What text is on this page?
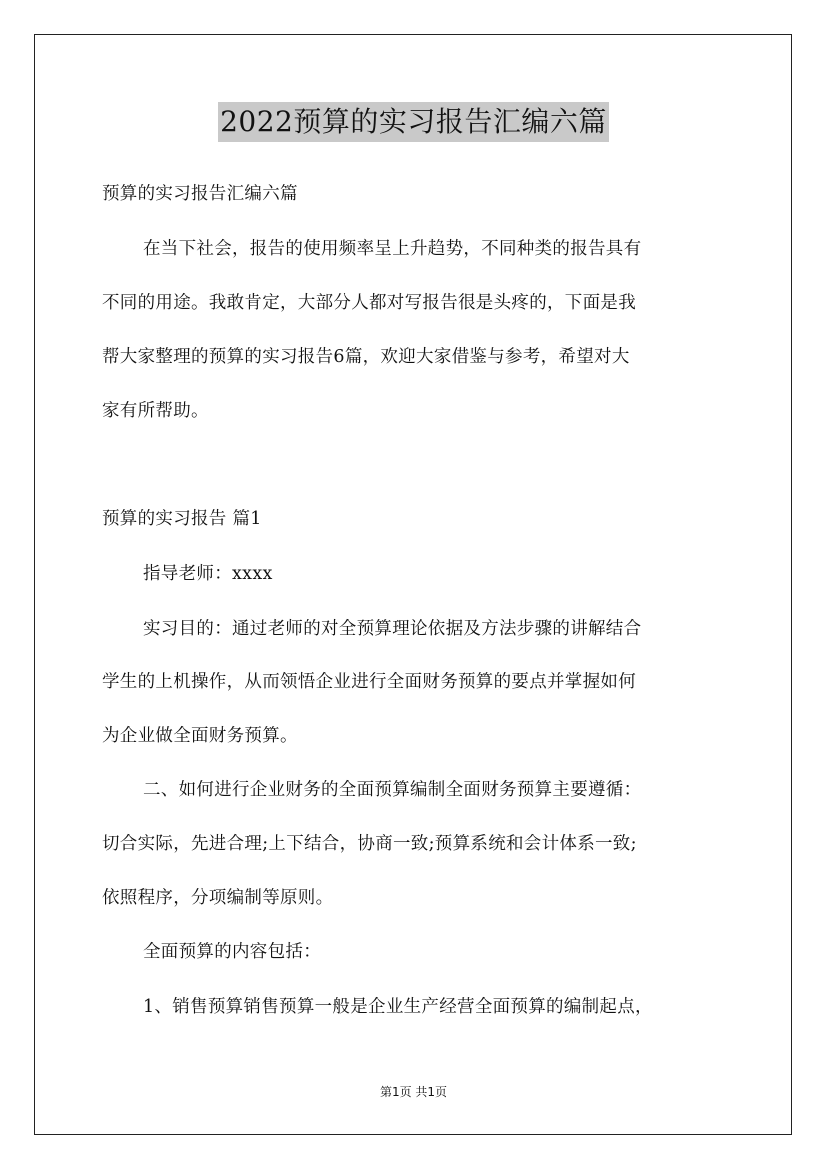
2022预算的实习报告汇编六篇
预算的实习报告汇编六篇
在当下社会，报告的使用频率呈上升趋势，不同种类的报告具有
不同的用途。我敢肯定，大部分人都对写报告很是头疼的，下面是我
帮大家整理的预算的实习报告6篇，欢迎大家借鉴与参考，希望对大
家有所帮助。
预算的实习报告 篇1
指导老师：xxxx
实习目的：通过老师的对全预算理论依据及方法步骤的讲解结合
学生的上机操作，从而领悟企业进行全面财务预算的要点并掌握如何
为企业做全面财务预算。
二、如何进行企业财务的全面预算编制全面财务预算主要遵循：
切合实际，先进合理;上下结合，协商一致;预算系统和会计体系一致;
依照程序，分项编制等原则。
全面预算的内容包括：
1、销售预算销售预算一般是企业生产经营全面预算的编制起点，
第1页 共1页
